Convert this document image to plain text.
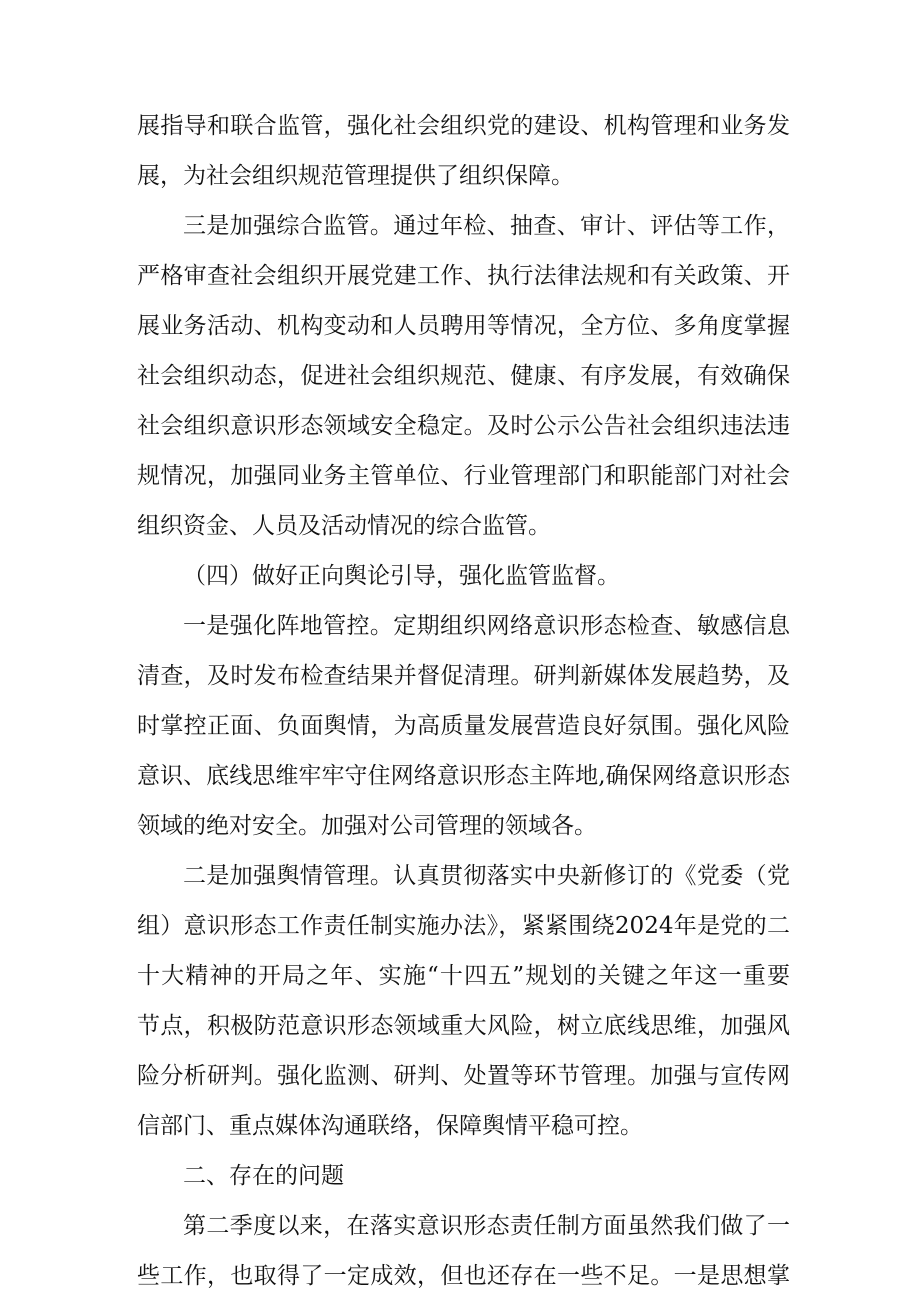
展指导和联合监管，强化社会组织党的建设、机构管理和业务发
展，为社会组织规范管理提供了组织保障。
三是加强综合监管。通过年检、抽查、审计、评估等工作，
严格审查社会组织开展党建工作、执行法律法规和有关政策、开
展业务活动、机构变动和人员聘用等情况，全方位、多角度掌握
社会组织动态，促进社会组织规范、健康、有序发展，有效确保
社会组织意识形态领域安全稳定。及时公示公告社会组织违法违
规情况，加强同业务主管单位、行业管理部门和职能部门对社会
组织资金、人员及活动情况的综合监管。
（四）做好正向舆论引导，强化监管监督。
一是强化阵地管控。定期组织网络意识形态检查、敏感信息
清查，及时发布检查结果并督促清理。研判新媒体发展趋势，及
时掌控正面、负面舆情，为高质量发展营造良好氛围。强化风险
意识、底线思维牢牢守住网络意识形态主阵地,确保网络意识形态
领域的绝对安全。加强对公司管理的领域各。
二是加强舆情管理。认真贯彻落实中央新修订的《党委（党
组）意识形态工作责任制实施办法》，紧紧围绕2024年是党的二
十大精神的开局之年、实施“十四五”规划的关键之年这一重要
节点，积极防范意识形态领域重大风险，树立底线思维，加强风
险分析研判。强化监测、研判、处置等环节管理。加强与宣传网
信部门、重点媒体沟通联络，保障舆情平稳可控。
二、存在的问题
第二季度以来，在落实意识形态责任制方面虽然我们做了一
些工作，也取得了一定成效，但也还存在一些不足。一是思想掌
